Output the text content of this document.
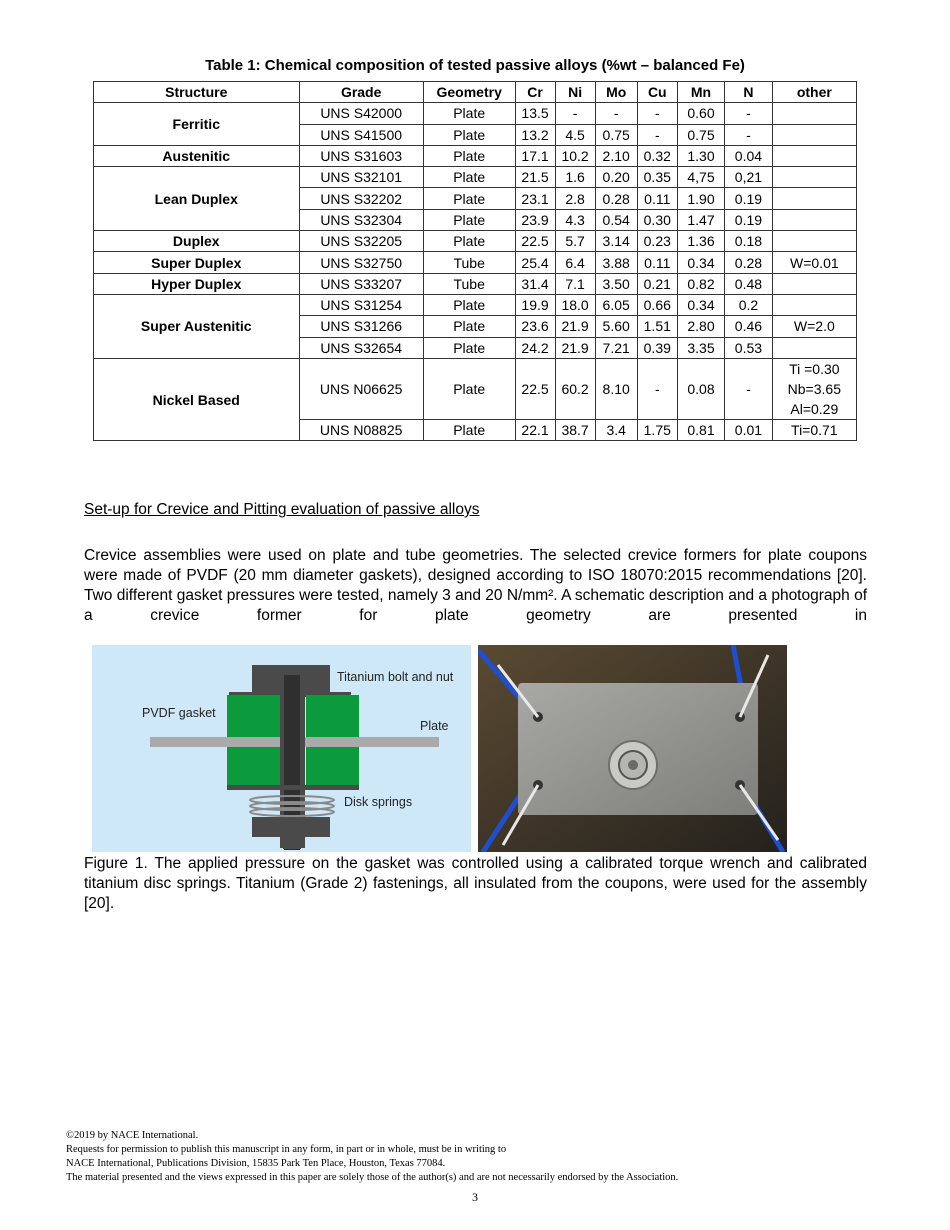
Table 1: Chemical composition of tested passive alloys (%wt – balanced Fe)
Structure	Grade	Geometry	Cr	Ni	Mo	Cu	Mn	N	other
Ferritic	UNS S42000	Plate	13.5	-	-	-	0.60	-	
	UNS S41500	Plate	13.2	4.5	0.75	-	0.75	-	
Austenitic	UNS S31603	Plate	17.1	10.2	2.10	0.32	1.30	0.04	
Lean Duplex	UNS S32101	Plate	21.5	1.6	0.20	0.35	4,75	0,21	
	UNS S32202	Plate	23.1	2.8	0.28	0.11	1.90	0.19	
	UNS S32304	Plate	23.9	4.3	0.54	0.30	1.47	0.19	
Duplex	UNS S32205	Plate	22.5	5.7	3.14	0.23	1.36	0.18	
Super Duplex	UNS S32750	Tube	25.4	6.4	3.88	0.11	0.34	0.28	W=0.01
Hyper Duplex	UNS S33207	Tube	31.4	7.1	3.50	0.21	0.82	0.48	
Super Austenitic	UNS S31254	Plate	19.9	18.0	6.05	0.66	0.34	0.2	
	UNS S31266	Plate	23.6	21.9	5.60	1.51	2.80	0.46	W=2.0
	UNS S32654	Plate	24.2	21.9	7.21	0.39	3.35	0.53	
Nickel Based	UNS N06625	Plate	22.5	60.2	8.10	-	0.08	-	Ti =0.30
Nb=3.65
Al=0.29
	UNS N08825	Plate	22.1	38.7	3.4	1.75	0.81	0.01	Ti=0.71
Set-up for Crevice and Pitting evaluation of passive alloys
Crevice assemblies were used on plate and tube geometries. The selected crevice formers for plate coupons were made of PVDF (20 mm diameter gaskets), designed according to ISO 18070:2015 recommendations [20]. Two different gasket pressures were tested, namely 3 and 20 N/mm². A schematic description and a photograph of a crevice former for plate geometry are presented in
Titanium bolt and nut
PVDF gasket
Plate
Disk springs
Figure 1. The applied pressure on the gasket was controlled using a calibrated torque wrench and calibrated titanium disc springs. Titanium (Grade 2) fastenings, all insulated from the coupons, were used for the assembly [20].
©2019 by NACE International.
Requests for permission to publish this manuscript in any form, in part or in whole, must be in writing to
NACE International, Publications Division, 15835 Park Ten Place, Houston, Texas 77084.
The material presented and the views expressed in this paper are solely those of the author(s) and are not necessarily endorsed by the Association.
3
